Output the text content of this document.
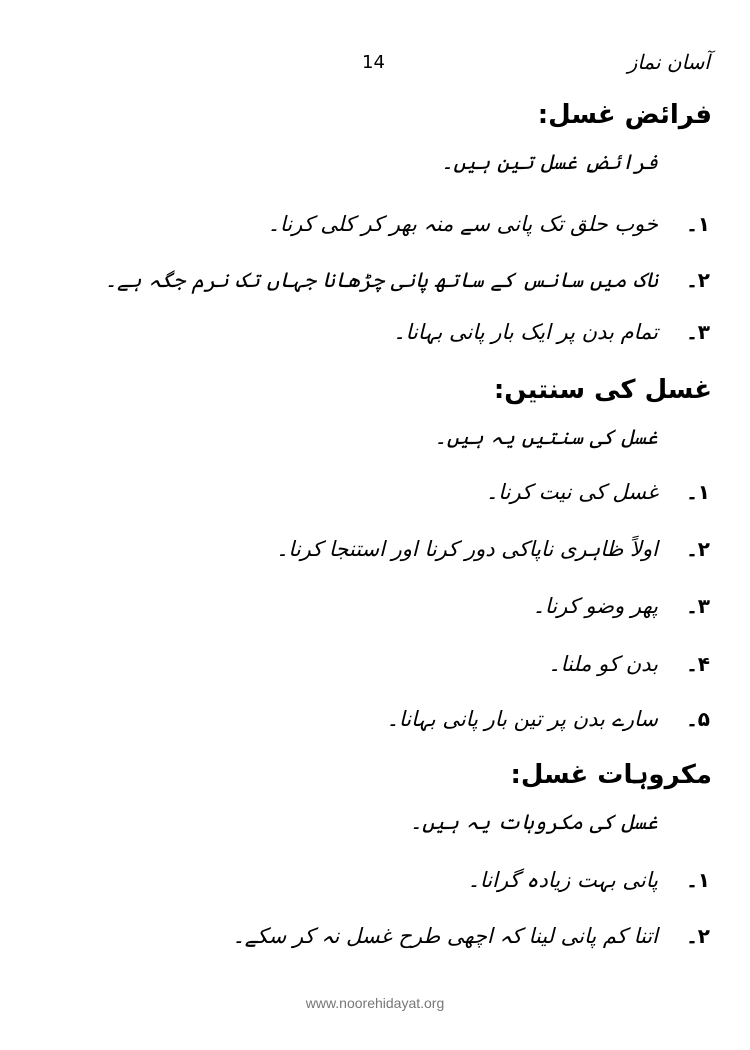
آسان نماز
14
فرائض غسل:
فرائضِ غسل تین ہیں۔
۱۔
خوب حلق تک پانی سے منہ بھر کر کلی کرنا۔
۲۔
ناک میں سانس کے ساتھ پانی چڑھانا جہاں تک نرم جگہ ہے۔
۳۔
تمام بدن پر ایک بار پانی بہانا۔
غسل کی سنتیں:
غسل کی سنتیں یہ ہیں۔
۱۔
غسل کی نیت کرنا۔
۲۔
اولاً ظاہری ناپاکی دور کرنا اور استنجا کرنا۔
۳۔
پھر وضو کرنا۔
۴۔
بدن کو ملنا۔
۵۔
سارے بدن پر تین بار پانی بہانا۔
مکروہات غسل:
غسل کی مکروہات یہ ہیں۔
۱۔
پانی بہت زیادہ گرانا۔
۲۔
اتنا کم پانی لینا کہ اچھی طرح غسل نہ کر سکے۔
www.noorehidayat.org
